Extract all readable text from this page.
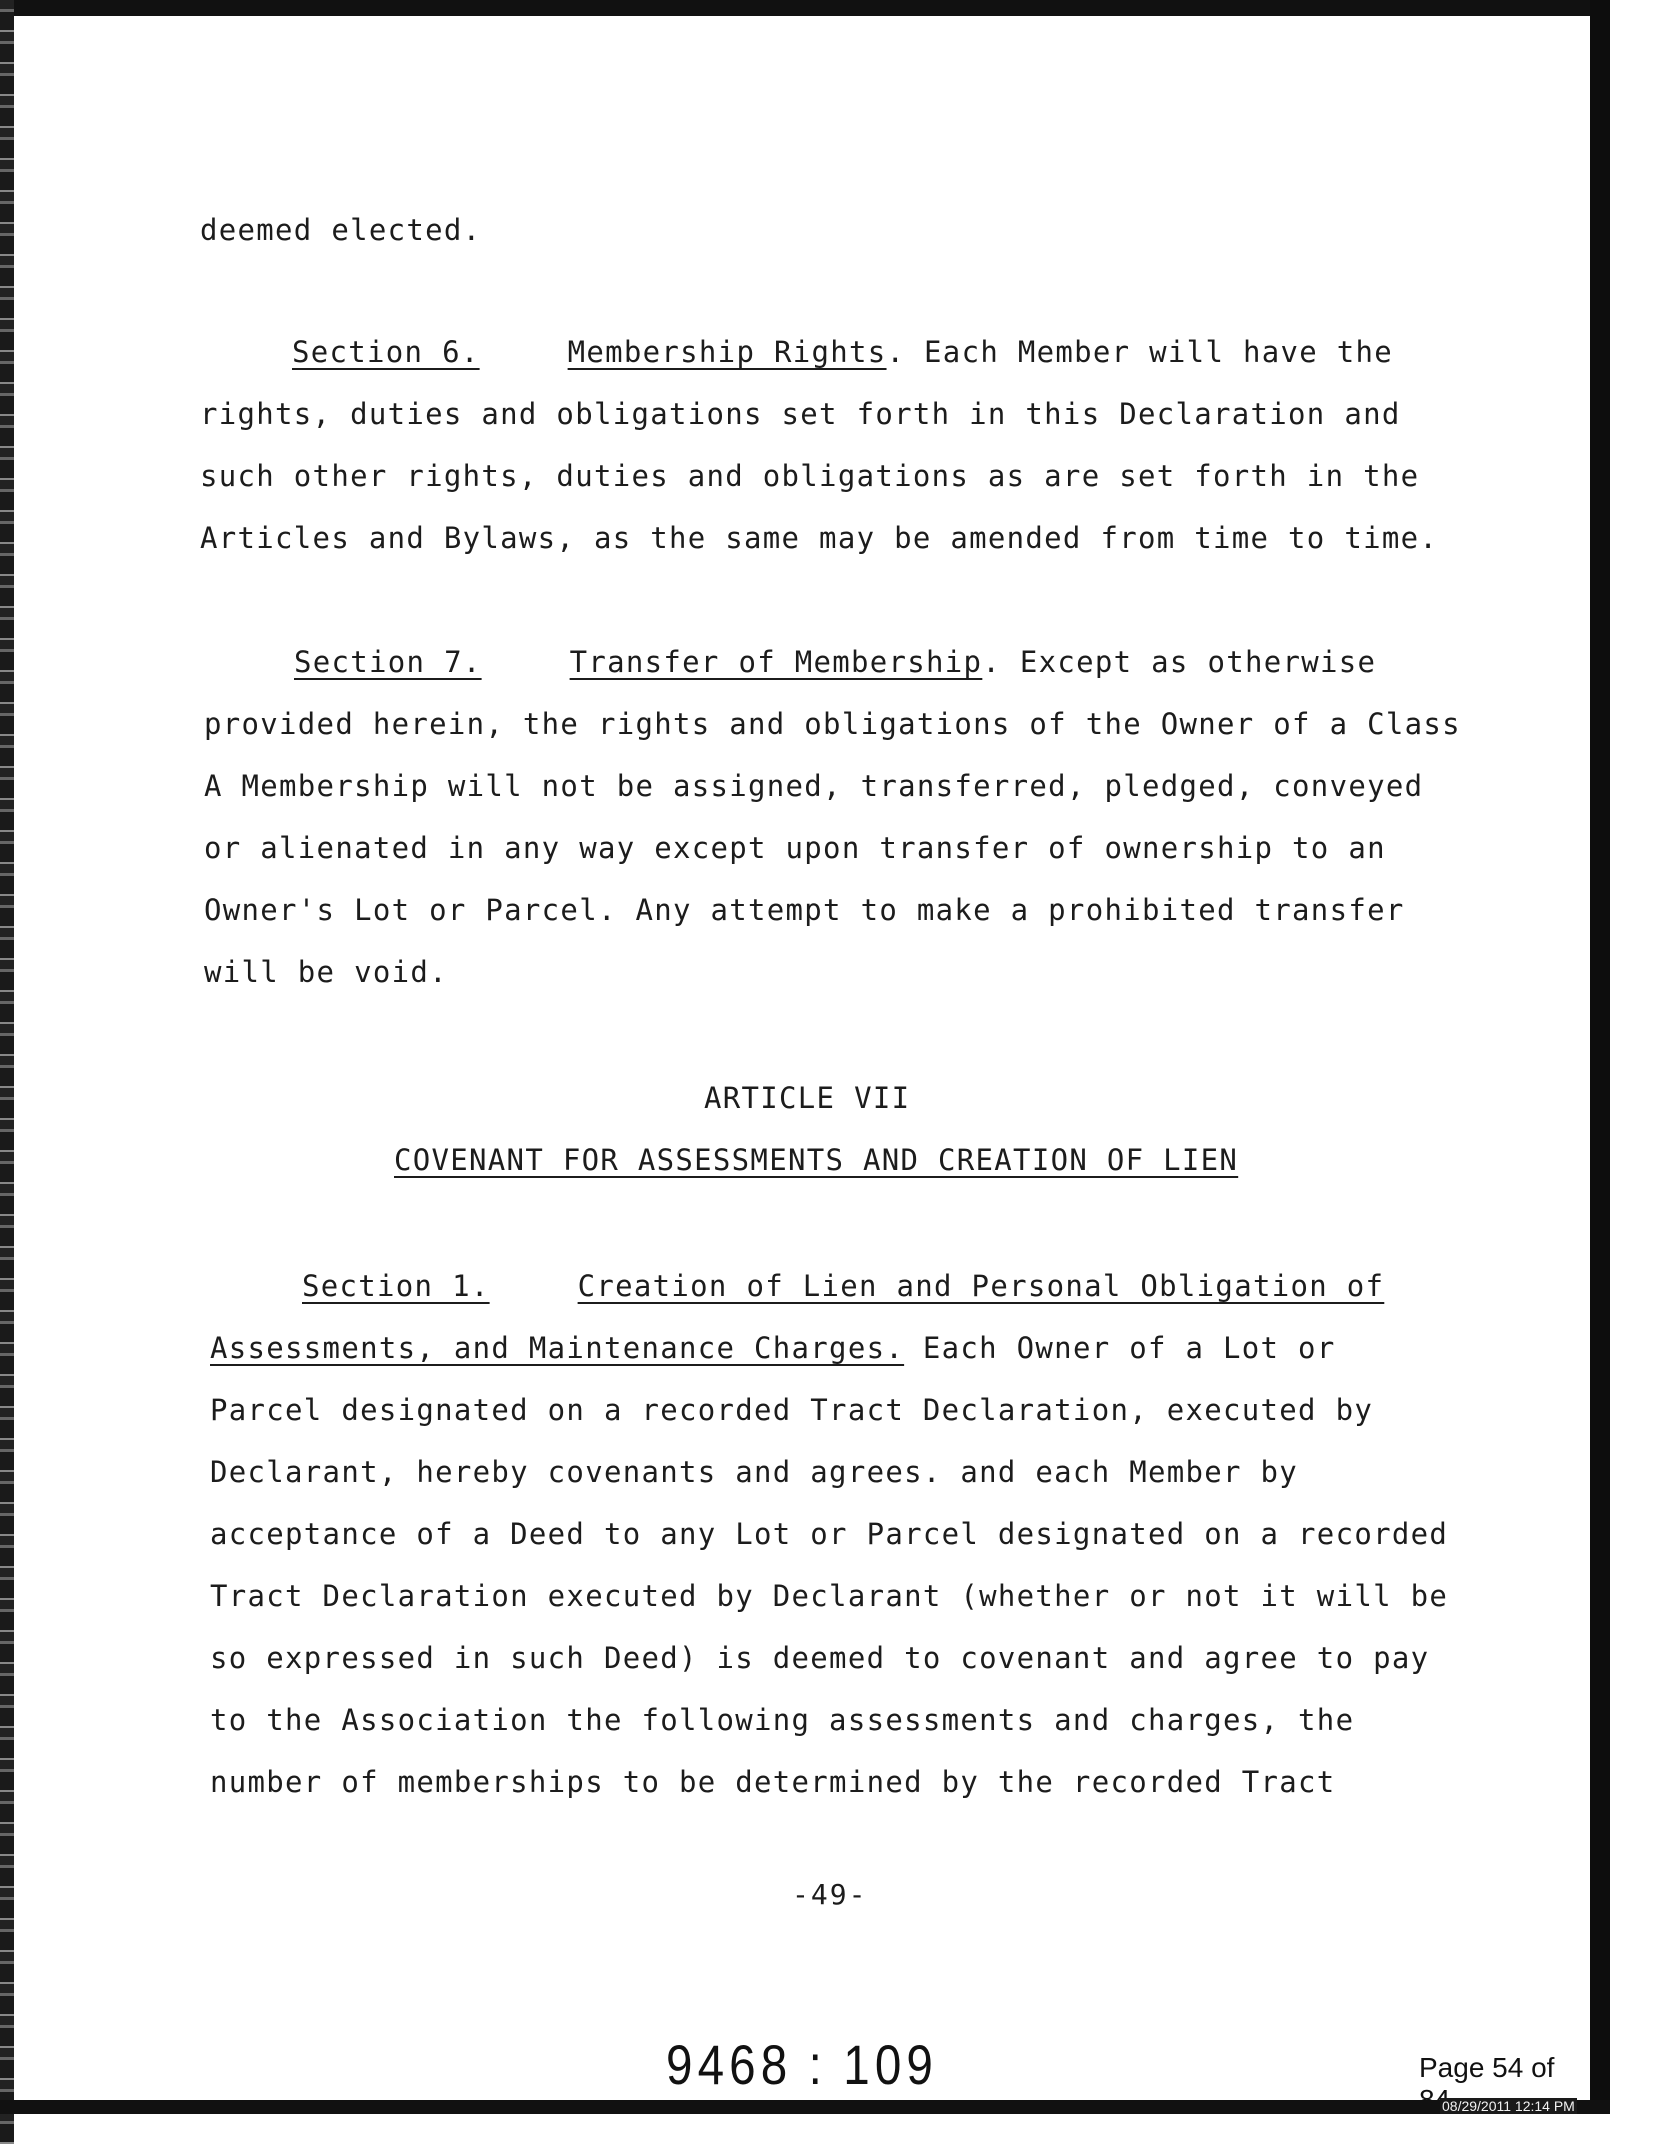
deemed elected.
Section 6.	Membership Rights. Each Member will have the
rights, duties and obligations set forth in this Declaration and
such other rights, duties and obligations as are set forth in the
Articles and Bylaws, as the same may be amended from time to time.
Section 7.	Transfer of Membership. Except as otherwise
provided herein, the rights and obligations of the Owner of a Class
A Membership will not be assigned, transferred, pledged, conveyed
or alienated in any way except upon transfer of ownership to an
Owner's Lot or Parcel. Any attempt to make a prohibited transfer
will be void.
ARTICLE VII
COVENANT FOR ASSESSMENTS AND CREATION OF LIEN
Section 1.	Creation of Lien and Personal Obligation of
Assessments, and Maintenance Charges. Each Owner of a Lot or
Parcel designated on a recorded Tract Declaration, executed by
Declarant, hereby covenants and agrees. and each Member by
acceptance of a Deed to any Lot or Parcel designated on a recorded
Tract Declaration executed by Declarant (whether or not it will be
so expressed in such Deed) is deemed to covenant and agree to pay
to the Association the following assessments and charges, the
number of memberships to be determined by the recorded Tract
-49-
9468 : 109	Page 54 of
08/29/2011 12:14 PM
